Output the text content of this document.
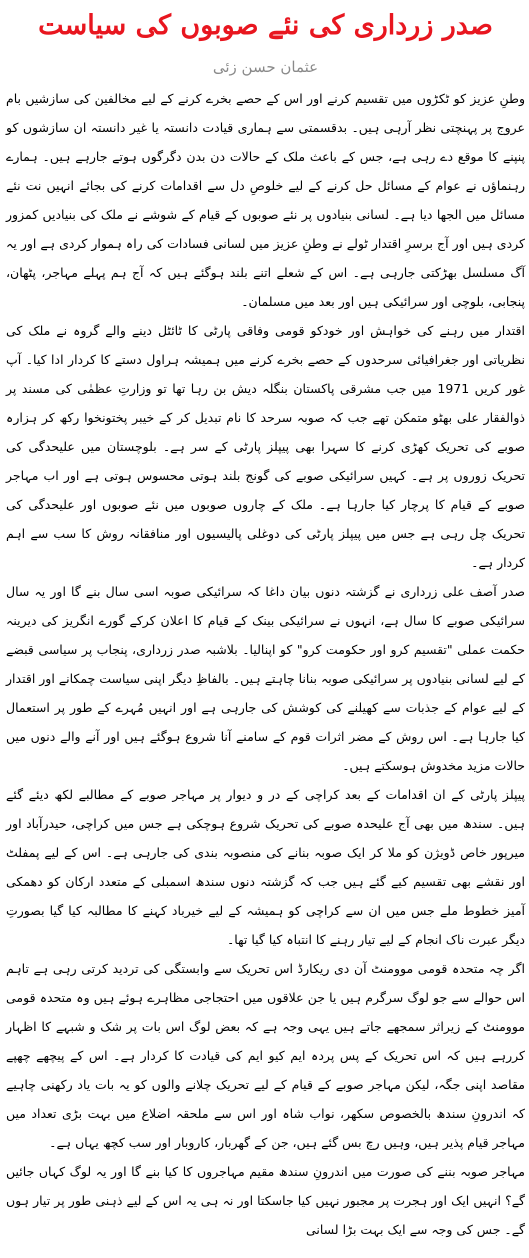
صدر زرداری کی نئے صوبوں کی سیاست
عثمان حسن زئی

وطنِ عزیز کو ٹکڑوں میں تقسیم کرنے اور اس کے حصے بخرے کرنے کے لیے مخالفین کی سازشیں بام عروج پر پہنچتی نظر آرہی ہیں۔ بدقسمتی سے ہماری قیادت دانستہ یا غیر دانستہ ان سازشوں کو پنپنے کا موقع دے رہی ہے، جس کے باعث ملک کے حالات دن بدن دگرگوں ہوتے جارہے ہیں۔ ہمارے رہنماؤں نے عوام کے مسائل حل کرنے کے لیے خلوصِ دل سے اقدامات کرنے کی بجائے انہیں نت نئے مسائل میں الجھا دیا ہے۔ لسانی بنیادوں پر نئے صوبوں کے قیام کے شوشے نے ملک کی بنیادیں کمزور کردی ہیں اور آج برسرِ اقتدار ٹولے نے وطنِ عزیز میں لسانی فسادات کی راہ ہموار کردی ہے اور یہ آگ مسلسل بھڑکتی جارہی ہے۔ اس کے شعلے اتنے بلند ہوگئے ہیں کہ آج ہم پہلے مہاجر، پٹھان، پنجابی، بلوچی اور سرائیکی ہیں اور بعد میں مسلمان۔

اقتدار میں رہنے کی خواہش اور خودکو قومی وفاقی پارٹی کا ٹائٹل دینے والے گروہ نے ملک کی نظریاتی اور جغرافیائی سرحدوں کے حصے بخرے کرنے میں ہمیشہ ہراول دستے کا کردار ادا کیا۔ آپ غور کریں 1971 میں جب مشرقی پاکستان بنگلہ دیش بن رہا تھا تو وزارتِ عظمٰی کی مسند پر ذوالفقار علی بھٹو متمکن تھے جب کہ صوبہ سرحد کا نام تبدیل کر کے خیبر پختونخوا رکھ کر ہزارہ صوبے کی تحریک کھڑی کرنے کا سہرا بھی پیپلز پارٹی کے سر ہے۔ بلوچستان میں علیحدگی کی تحریک زوروں پر ہے۔ کہیں سرائیکی صوبے کی گونج بلند ہوتی محسوس ہوتی ہے اور اب مہاجر صوبے کے قیام کا پرچار کیا جارہا ہے۔ ملک کے چاروں صوبوں میں نئے صوبوں اور علیحدگی کی تحریک چل رہی ہے جس میں پیپلز پارٹی کی دوغلی پالیسیوں اور منافقانہ روش کا سب سے اہم کردار ہے۔

صدر آصف علی زرداری نے گزشتہ دنوں بیان داغا کہ سرائیکی صوبہ اسی سال بنے گا اور یہ سال سرائیکی صوبے کا سال ہے، انہوں نے سرائیکی بینک کے قیام کا اعلان کرکے گورے انگریز کی دیرینہ حکمت عملی "تقسیم کرو اور حکومت کرو" کو اپنالیا۔ بلاشبہ صدر زرداری، پنجاب پر سیاسی قبضے کے لیے لسانی بنیادوں پر سرائیکی صوبہ بنانا چاہتے ہیں۔ بالفاظِ دیگر اپنی سیاست چمکانے اور اقتدار کے لیے عوام کے جذبات سے کھیلنے کی کوشش کی جارہی ہے اور انہیں مُہرے کے طور پر استعمال کیا جارہا ہے۔ اس روش کے مضر اثرات قوم کے سامنے آنا شروع ہوگئے ہیں اور آنے والے دنوں میں حالات مزید مخدوش ہوسکتے ہیں۔

پیپلز پارٹی کے ان اقدامات کے بعد کراچی کے در و دیوار پر مہاجر صوبے کے مطالبے لکھ دیئے گئے ہیں۔ سندھ میں بھی آج علیحدہ صوبے کی تحریک شروع ہوچکی ہے جس میں کراچی، حیدرآباد اور میرپور خاص ڈویژن کو ملا کر ایک صوبہ بنانے کی منصوبہ بندی کی جارہی ہے۔ اس کے لیے پمفلٹ اور نقشے بھی تقسیم کیے گئے ہیں جب کہ گزشتہ دنوں سندھ اسمبلی کے متعدد ارکان کو دھمکی آمیز خطوط ملے جس میں ان سے کراچی کو ہمیشہ کے لیے خیرباد کہنے کا مطالبہ کیا گیا بصورتِ دیگر عبرت ناک انجام کے لیے تیار رہنے کا انتباہ کیا گیا تھا۔

اگر چہ متحدہ قومی موومنٹ آن دی ریکارڈ اس تحریک سے وابستگی کی تردید کرتی رہی ہے تاہم اس حوالے سے جو لوگ سرگرم ہیں یا جن علاقوں میں احتجاجی مظاہرے ہوئے ہیں وہ متحدہ قومی موومنٹ کے زیراثر سمجھے جاتے ہیں یہی وجہ ہے کہ بعض لوگ اس بات پر شک و شبہے کا اظہار کررہے ہیں کہ اس تحریک کے پس پردہ ایم کیو ایم کی قیادت کا کردار ہے۔ اس کے پیچھے چھپے مقاصد اپنی جگہ، لیکن مہاجر صوبے کے قیام کے لیے تحریک چلانے والوں کو یہ بات یاد رکھنی چاہیے کہ اندرونِ سندھ بالخصوص سکھر، نواب شاہ اور اس سے ملحقہ اضلاع میں بہت بڑی تعداد میں مہاجر قیام پذیر ہیں، وہیں رچ بس گئے ہیں، جن کے گھربار، کاروبار اور سب کچھ یہاں ہے۔

مہاجر صوبہ بننے کی صورت میں اندرونِ سندھ مقیم مہاجروں کا کیا بنے گا اور یہ لوگ کہاں جائیں گے؟ انہیں ایک اور ہجرت پر مجبور نہیں کیا جاسکتا اور نہ ہی یہ اس کے لیے ذہنی طور پر تیار ہوں گے۔ جس کی وجہ سے ایک بہت بڑا لسانی
